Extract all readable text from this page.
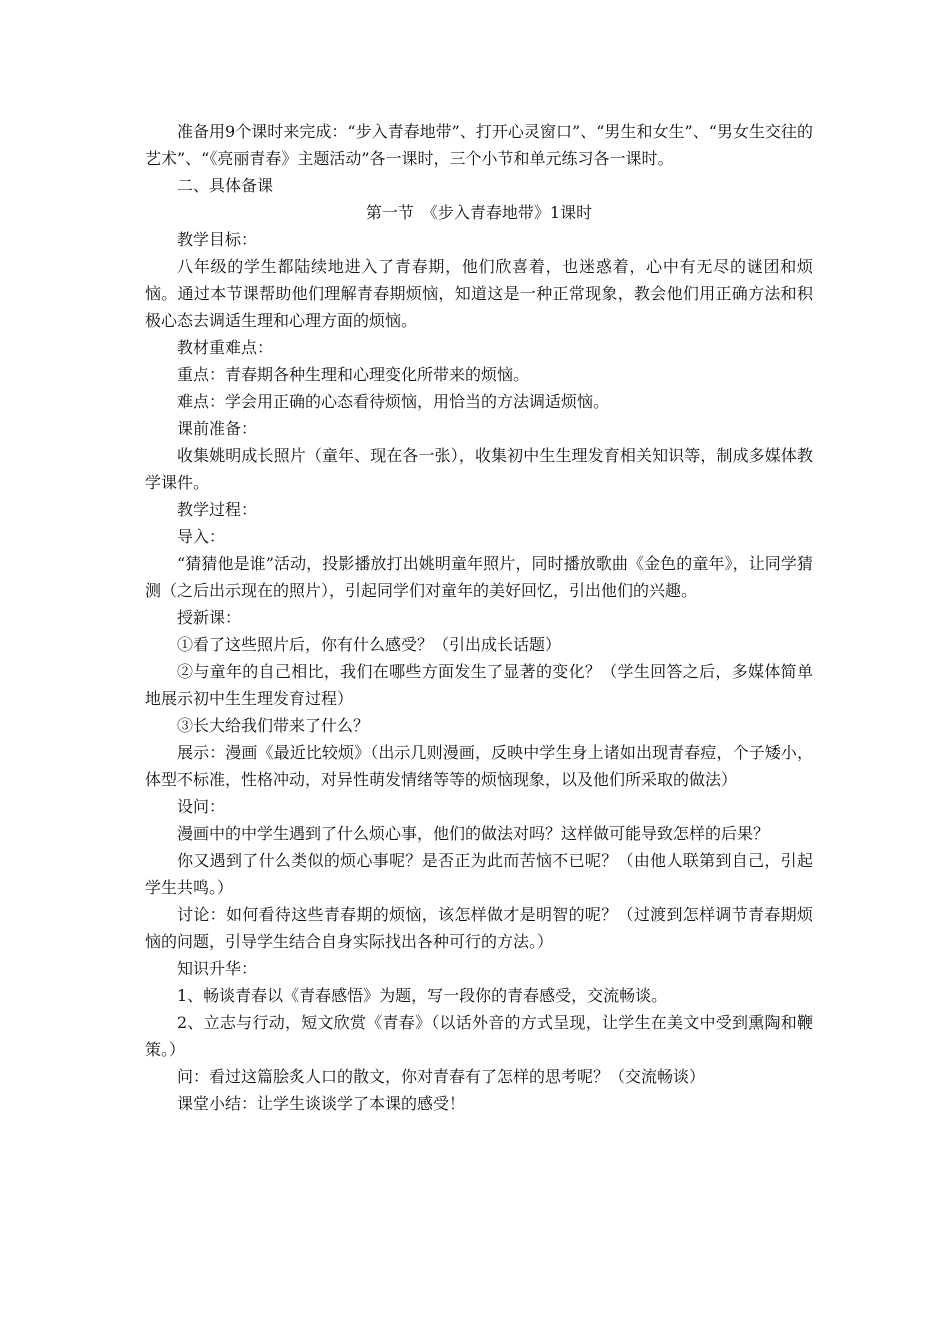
准备用9个课时来完成：“步入青春地带”、打开心灵窗口”、“男生和女生”、“男女生交往的艺术”、“《亮丽青春》主题活动”各一课时，三个小节和单元练习各一课时。

二、具体备课

第一节　《步入青春地带》1课时

教学目标：

八年级的学生都陆续地进入了青春期，他们欣喜着，也迷惑着，心中有无尽的谜团和烦恼。通过本节课帮助他们理解青春期烦恼，知道这是一种正常现象，教会他们用正确方法和积极心态去调适生理和心理方面的烦恼。

教材重难点：

重点：青春期各种生理和心理变化所带来的烦恼。

难点：学会用正确的心态看待烦恼，用恰当的方法调适烦恼。

课前准备：

收集姚明成长照片（童年、现在各一张），收集初中生生理发育相关知识等，制成多媒体教学课件。

教学过程：

导入：

“猜猜他是谁”活动，投影播放打出姚明童年照片，同时播放歌曲《金色的童年》，让同学猜测（之后出示现在的照片），引起同学们对童年的美好回忆，引出他们的兴趣。

授新课：

①看了这些照片后，你有什么感受？（引出成长话题）

②与童年的自己相比，我们在哪些方面发生了显著的变化？（学生回答之后，多媒体简单地展示初中生生理发育过程）

③长大给我们带来了什么？

展示：漫画《最近比较烦》（出示几则漫画，反映中学生身上诸如出现青春痘，个子矮小，体型不标准，性格冲动，对异性萌发情绪等等的烦恼现象，以及他们所采取的做法）

设问：

漫画中的中学生遇到了什么烦心事，他们的做法对吗？这样做可能导致怎样的后果？

你又遇到了什么类似的烦心事呢？是否正为此而苦恼不已呢？（由他人联第到自己，引起学生共鸣。）

讨论：如何看待这些青春期的烦恼，该怎样做才是明智的呢？（过渡到怎样调节青春期烦恼的问题，引导学生结合自身实际找出各种可行的方法。）

知识升华：

1、畅谈青春以《青春感悟》为题，写一段你的青春感受，交流畅谈。

2、立志与行动，短文欣赏《青春》（以话外音的方式呈现，让学生在美文中受到熏陶和鞭策。）

问：看过这篇脍炙人口的散文，你对青春有了怎样的思考呢？（交流畅谈）

课堂小结：让学生谈谈学了本课的感受！
